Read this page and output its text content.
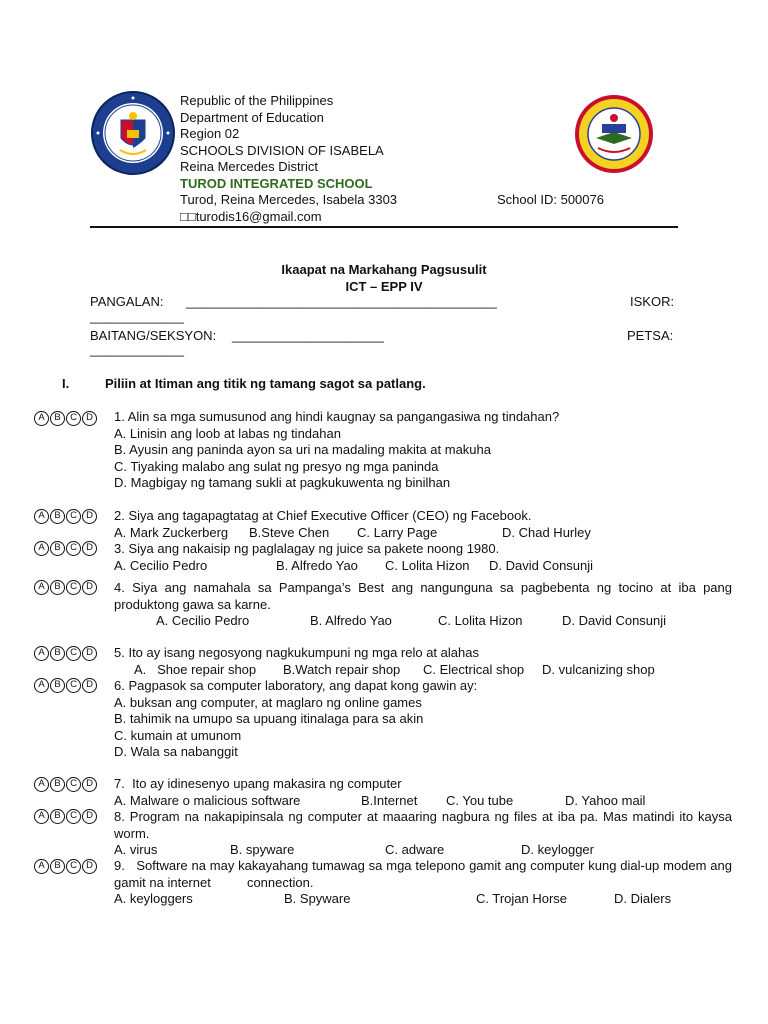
Republic of the Philippines
Department of Education
Region 02
SCHOOLS DIVISION OF ISABELA
Reina Mercedes District
TUROD INTEGRATED SCHOOL
Turod, Reina Mercedes, Isabela 3303
□□turodis16@gmail.com
School ID: 500076
Ikaapat na Markahang Pagsusulit
ICT – EPP IV
PANGALAN: ___________________________________________	ISKOR:
_____________
BAITANG/SEKSYON: _____________________	PETSA:
_____________
I.	Piliin at Itiman ang titik ng tamang sagot sa patlang.
A	B C D
A	B C D
A	B C D
A	B C D
A	B C D
A	B C D
A	B C D
A	B C D
A	B C D
1. Alin sa mga sumusunod ang hindi kaugnay sa pangangasiwa ng tindahan?
A. Linisin ang loob at labas ng tindahan
B. Ayusin ang paninda ayon sa uri na madaling makita at makuha
C. Tiyaking malabo ang sulat ng presyo ng mga paninda
D. Magbigay ng tamang sukli at pagkukuwenta ng binilhan
2. Siya ang tagapagtatag at Chief Executive Officer (CEO) ng Facebook.
A. Mark Zuckerberg	B.Steve Chen	C. Larry Page	D. Chad Hurley
3. Siya ang nakaisip ng paglalagay ng juice sa pakete noong 1980.
A. Cecilio Pedro	B. Alfredo Yao	C. Lolita Hizon	D. David Consunji
4. Siya ang namahala sa Pampanga’s Best ang nangunguna sa pagbebenta ng tocino at iba pang produktong gawa sa karne.
A. Cecilio Pedro	B. Alfredo Yao	C. Lolita Hizon	D. David Consunji
5. Ito ay isang negosyong nagkukumpuni ng mga relo at alahas
A.   Shoe repair shop	B.Watch repair shop	C. Electrical shop	D. vulcanizing shop
6. Pagpasok sa computer laboratory, ang dapat kong gawin ay:
A. buksan ang computer, at maglaro ng online games
B. tahimik na umupo sa upuang itinalaga para sa akin
C. kumain at umunom
D. Wala sa nabanggit
7.  Ito ay idinesenyo upang makasira ng computer
A. Malware o malicious software	B.Internet	C. You tube	D. Yahoo mail
8. Program na nakapipinsala ng computer at maaaring nagbura ng files at iba pa. Mas matindi ito kaysa worm.
A. virus	B. spyware	C. adware	D. keylogger
9.   Software na may kakayahang tumawag sa mga telepono gamit ang computer kung dial-up modem ang gamit na internet          connection.
A. keyloggers	B. Spyware	C. Trojan Horse	D. Dialers
